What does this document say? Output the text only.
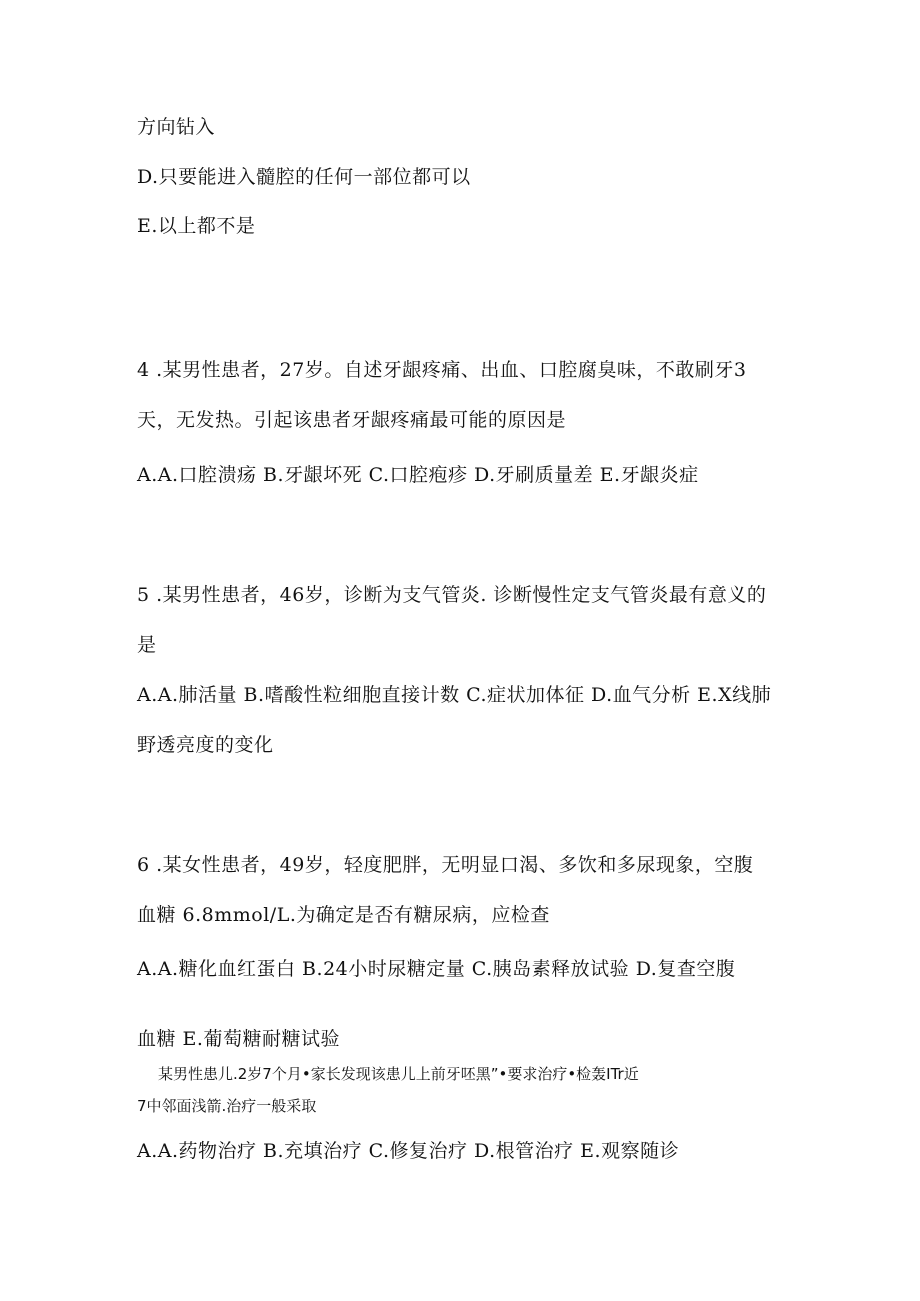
方向钻入
D.只要能进入髓腔的任何一部位都可以
E.以上都不是
4 .某男性患者，27岁。自述牙龈疼痛、出血、口腔腐臭味，不敢刷牙3
天，无发热。引起该患者牙龈疼痛最可能的原因是
A.A.口腔溃疡 B.牙龈坏死 C.口腔疱疹 D.牙刷质量差 E.牙龈炎症
5 .某男性患者，46岁，诊断为支气管炎. 诊断慢性定支气管炎最有意义的
是
A.A.肺活量 B.嗜酸性粒细胞直接计数 C.症状加体征 D.血气分析 E.X线肺
野透亮度的变化
6 .某女性患者，49岁，轻度肥胖，无明显口渴、多饮和多尿现象，空腹
血糖 6.8mmol/L.为确定是否有糖尿病，应检查
A.A.糖化血红蛋白 B.24小时尿糖定量 C.胰岛素释放试验 D.复查空腹
血糖 E.葡萄糖耐糖试验
某男性患儿.2岁7个月•家长发现该患儿上前牙呸黑”•要求治疗•检轰ITr近
7中邻面浅箭.治疗一般采取
A.A.药物治疗 B.充填治疗 C.修复治疗 D.根管治疗 E.观察随诊
